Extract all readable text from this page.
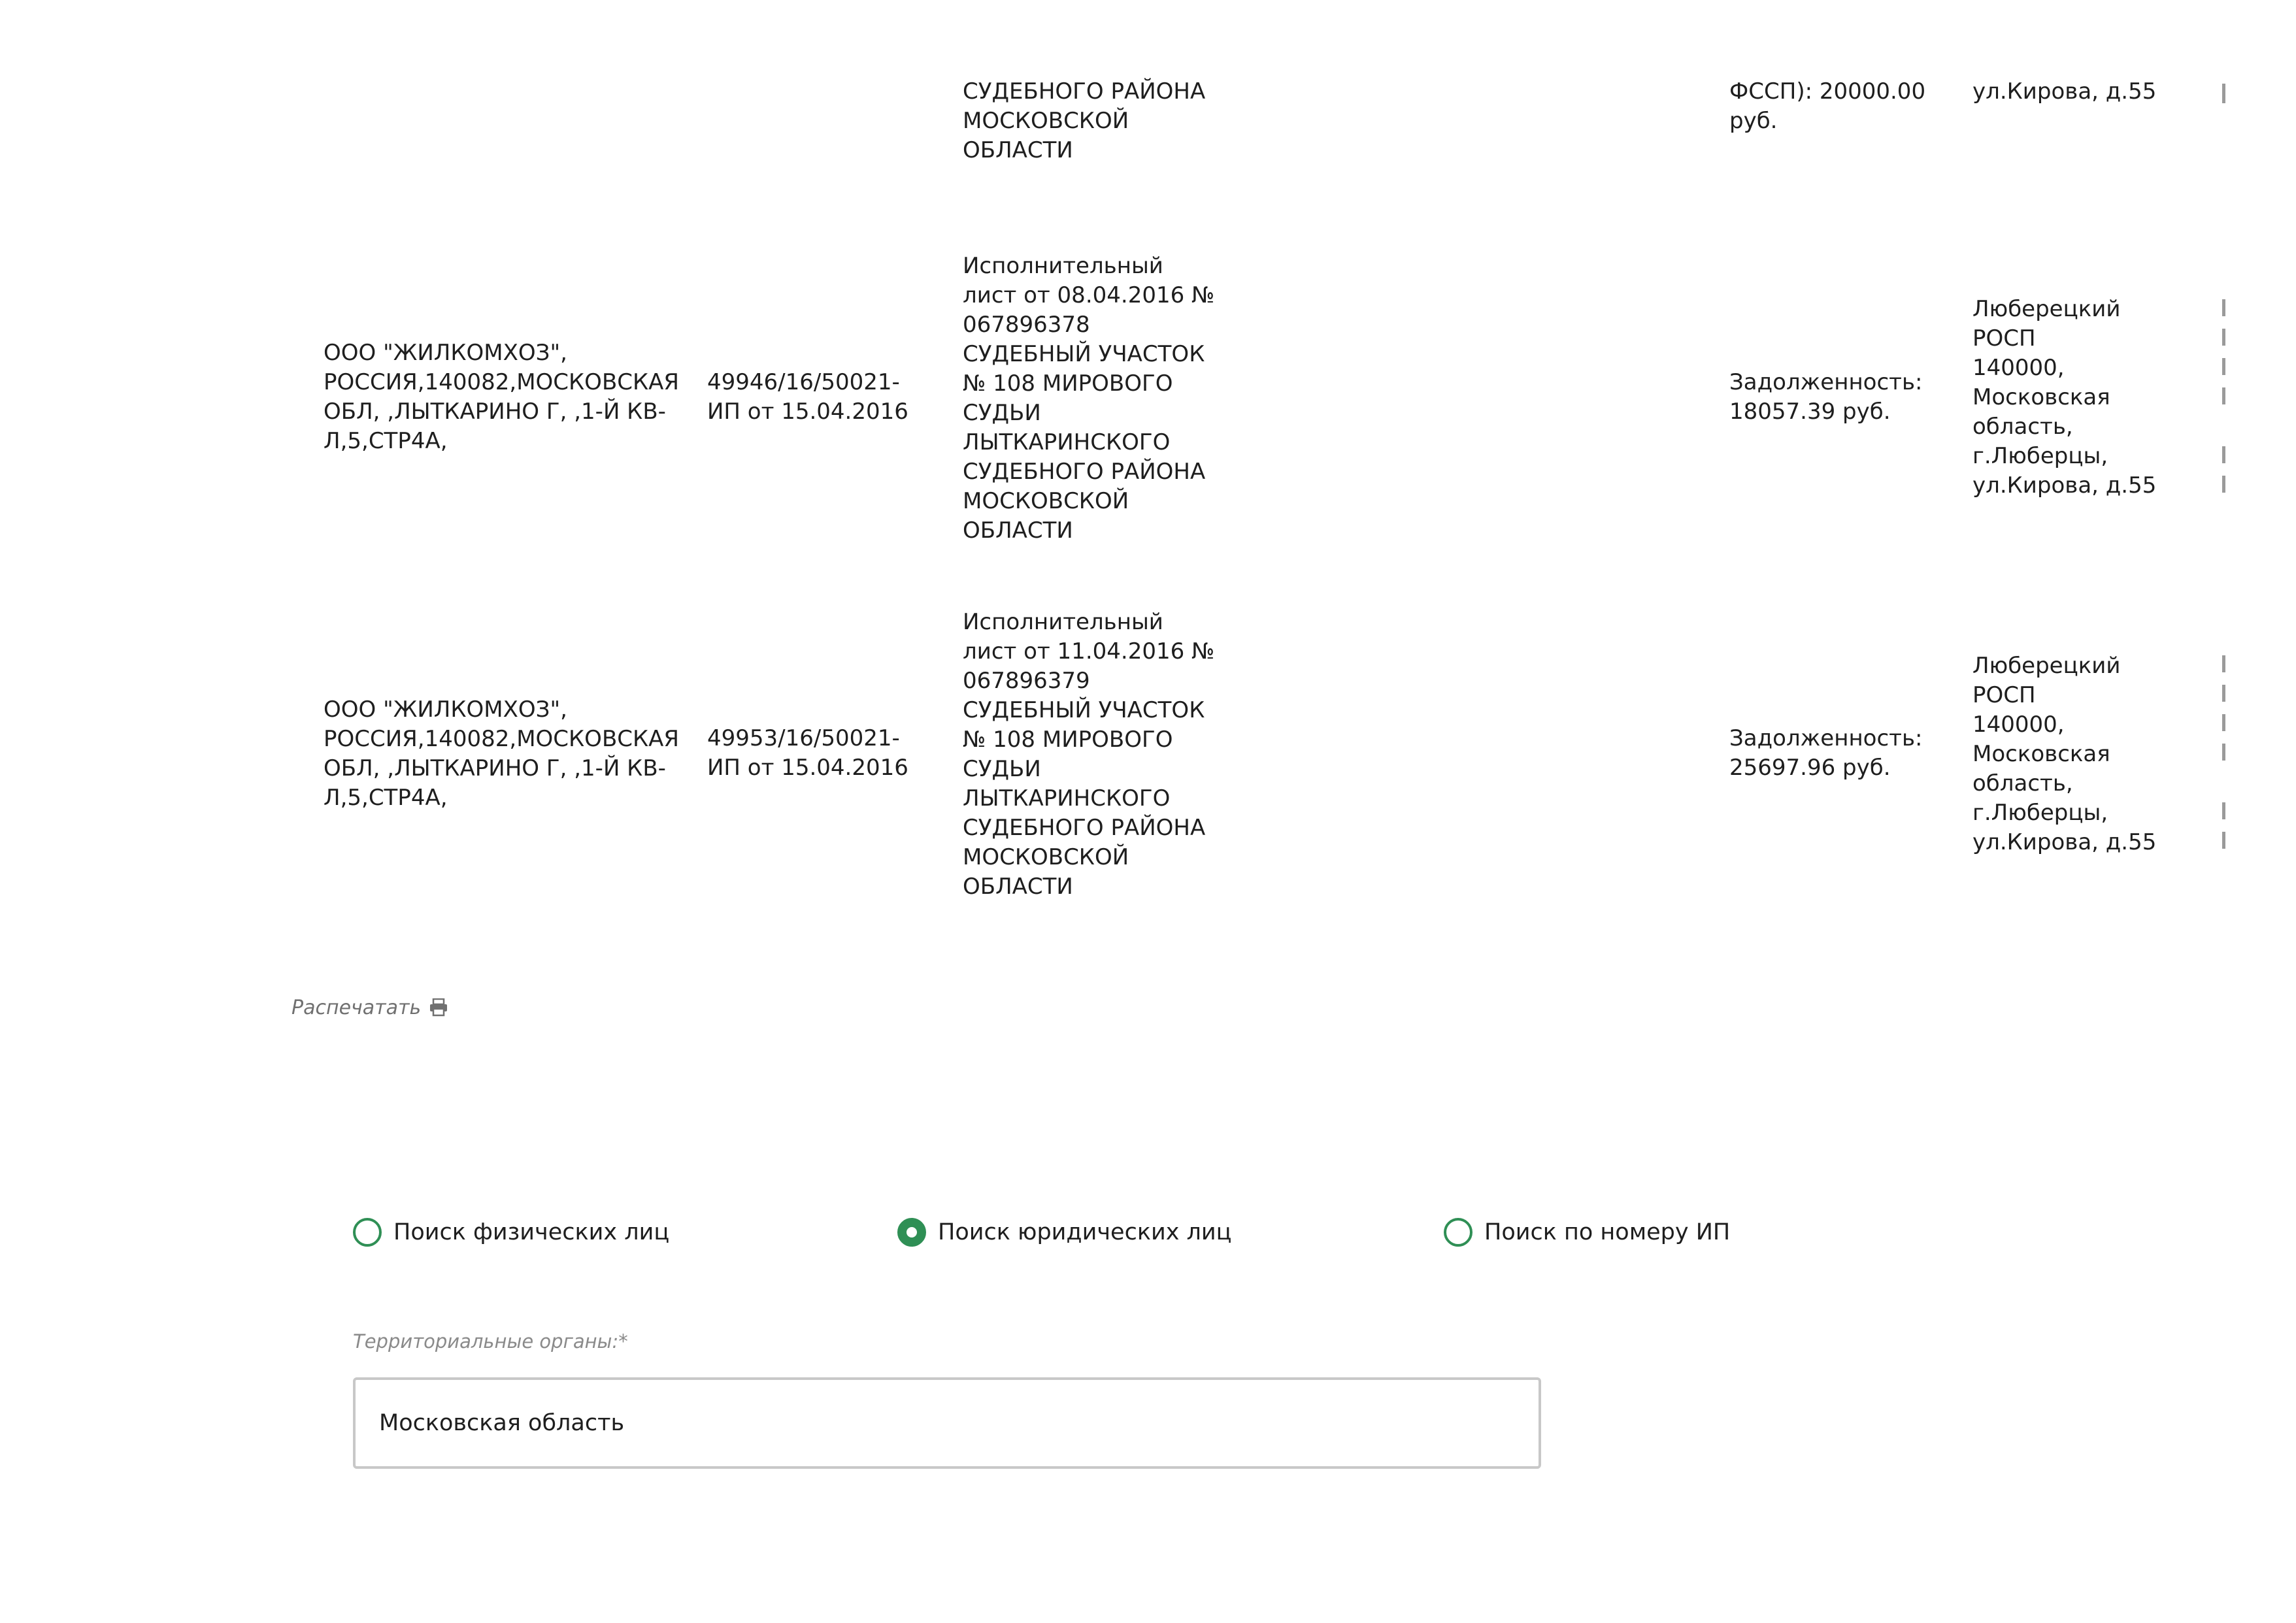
СУДЕБНОГО РАЙОНА
МОСКОВСКОЙ
ОБЛАСТИ
ФССП): 20000.00
руб.
ул.Кирова, д.55
ООО "ЖИЛКОМХОЗ",
РОССИЯ,140082,МОСКОВСКАЯ
ОБЛ, ,ЛЫТКАРИНО Г, ,1-Й КВ-
Л,5,СТР4А,
49946/16/50021-
ИП от 15.04.2016
Исполнительный
лист от 08.04.2016 №
067896378
СУДЕБНЫЙ УЧАСТОК
№ 108 МИРОВОГО
СУДЬИ
ЛЫТКАРИНСКОГО
СУДЕБНОГО РАЙОНА
МОСКОВСКОЙ
ОБЛАСТИ
Задолженность:
18057.39 руб.
Люберецкий
РОСП
140000,
Московская
область,
г.Люберцы,
ул.Кирова, д.55
ООО "ЖИЛКОМХОЗ",
РОССИЯ,140082,МОСКОВСКАЯ
ОБЛ, ,ЛЫТКАРИНО Г, ,1-Й КВ-
Л,5,СТР4А,
49953/16/50021-
ИП от 15.04.2016
Исполнительный
лист от 11.04.2016 №
067896379
СУДЕБНЫЙ УЧАСТОК
№ 108 МИРОВОГО
СУДЬИ
ЛЫТКАРИНСКОГО
СУДЕБНОГО РАЙОНА
МОСКОВСКОЙ
ОБЛАСТИ
Задолженность:
25697.96 руб.
Люберецкий
РОСП
140000,
Московская
область,
г.Люберцы,
ул.Кирова, д.55
Распечатать
Поиск физических лиц	Поиск юридических лиц	Поиск по номеру ИП
Территориальные органы:*
Московская область
